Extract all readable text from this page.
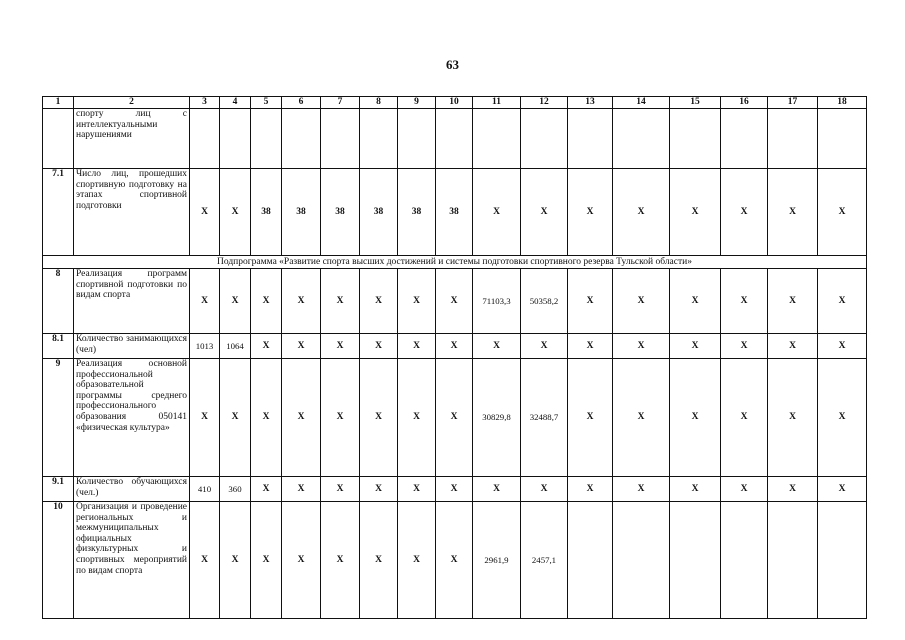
63
1	2	3	4	5	6	7	8	9	10	11	12	13	14	15	16	17	18
	спорту лиц с интеллектуальными нарушениями																
7.1	Число лиц, прошедших спортивную подготовку на этапах спортивной подготовки	X	X	38	38	38	38	38	38	X	X	X	X	X	X	X	X
Подпрограмма «Развитие спорта высших достижений и системы подготовки спортивного резерва Тульской области»																	
8	Реализация программ спортивной подготовки по видам спорта	X	X	X	X	X	X	X	X	71103,3	50358,2	X	X	X	X	X	X
8.1	Количество занимающихся (чел)	1013	1064	X	X	X	X	X	X	X	X	X	X	X	X	X	X
9	Реализация основной профессиональной образовательной программы среднего профессионального образования 050141 «физическая культура»	X	X	X	X	X	X	X	X	30829,8	32488,7	X	X	X	X	X	X
9.1	Количество обучающихся (чел.)	410	360	X	X	X	X	X	X	X	X	X	X	X	X	X	X
10	Организация и проведение региональных и межмуниципальных официальных физкультурных и спортивных мероприятий по видам спорта	X	X	X	X	X	X	X	X	2961,9	2457,1						
